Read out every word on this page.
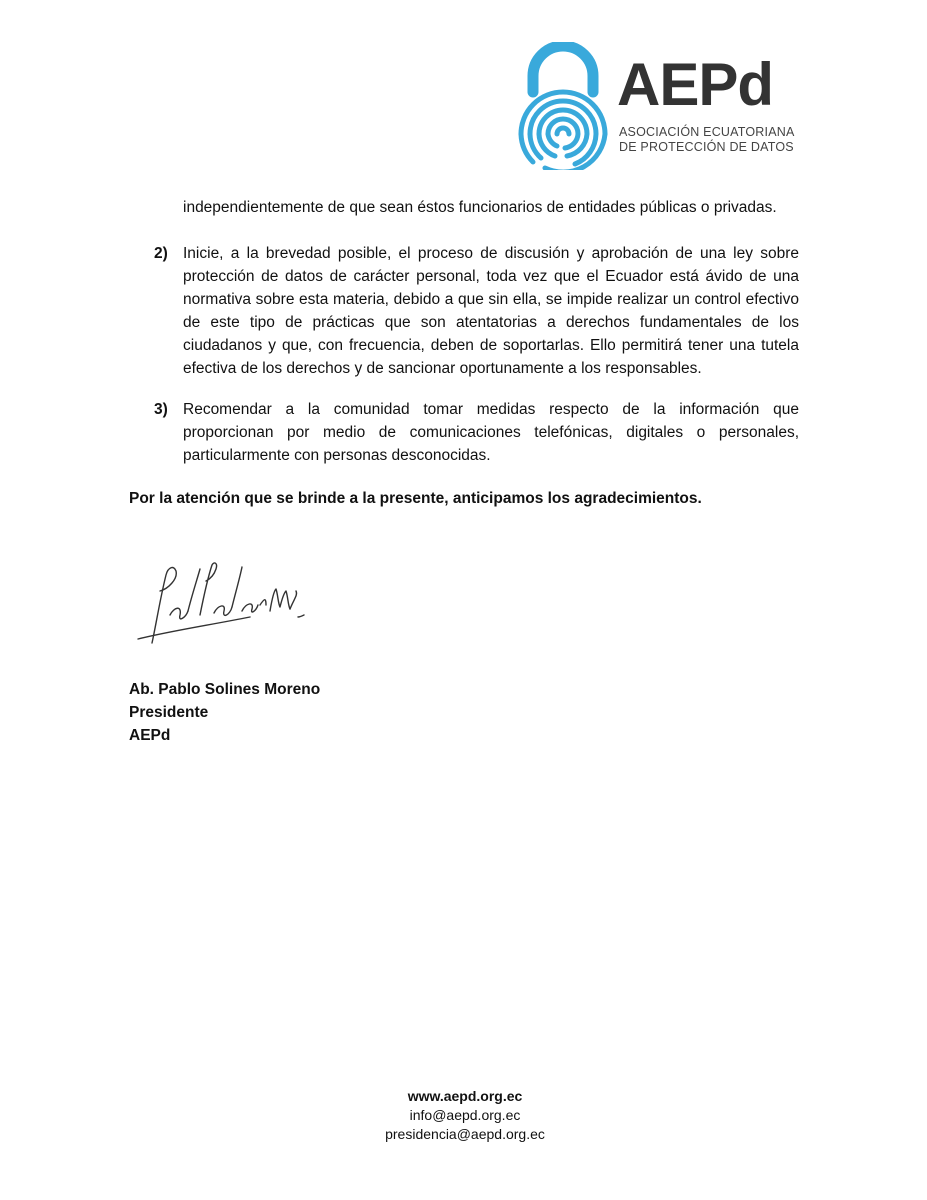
AEPd
ASOCIACIÓN ECUATORIANA
DE PROTECCIÓN DE DATOS
independientemente de que sean éstos funcionarios de entidades públicas o privadas.
2) Inicie, a la brevedad posible, el proceso de discusión y aprobación de una ley sobre protección de datos de carácter personal, toda vez que el Ecuador está ávido de una normativa sobre esta materia, debido a que sin ella, se impide realizar un control efectivo de este tipo de prácticas que son atentatorias a derechos fundamentales de los ciudadanos y que, con frecuencia, deben de soportarlas. Ello permitirá tener una tutela efectiva de los derechos y de sancionar oportunamente a los responsables.
3) Recomendar a la comunidad tomar medidas respecto de la información que proporcionan por medio de comunicaciones telefónicas, digitales o personales, particularmente con personas desconocidas.
Por la atención que se brinde a la presente, anticipamos los agradecimientos.
Ab. Pablo Solines Moreno
Presidente
AEPd
www.aepd.org.ec
info@aepd.org.ec
presidencia@aepd.org.ec
